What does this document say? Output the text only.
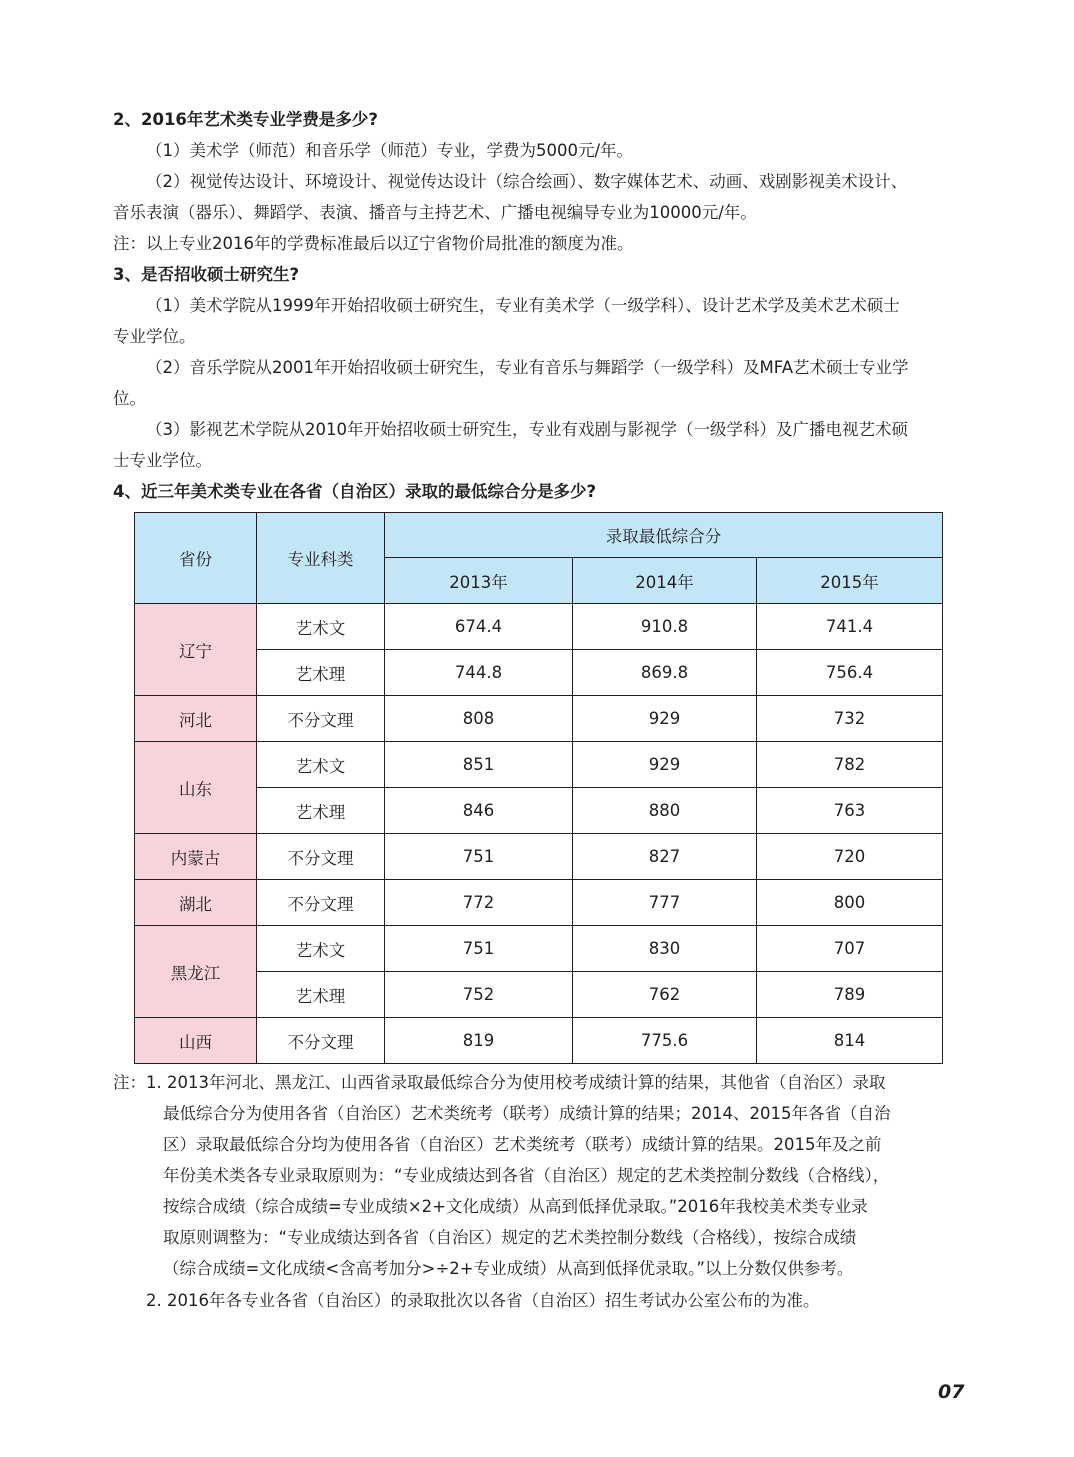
2、2016年艺术类专业学费是多少?
（1）美术学（师范）和音乐学（师范）专业，学费为5000元/年。
（2）视觉传达设计、环境设计、视觉传达设计（综合绘画）、数字媒体艺术、动画、戏剧影视美术设计、
音乐表演（器乐）、舞蹈学、表演、播音与主持艺术、广播电视编导专业为10000元/年。
注：以上专业2016年的学费标准最后以辽宁省物价局批准的额度为准。
3、是否招收硕士研究生?
（1）美术学院从1999年开始招收硕士研究生，专业有美术学（一级学科）、设计艺术学及美术艺术硕士
专业学位。
（2）音乐学院从2001年开始招收硕士研究生，专业有音乐与舞蹈学（一级学科）及MFA艺术硕士专业学
位。
（3）影视艺术学院从2010年开始招收硕士研究生，专业有戏剧与影视学（一级学科）及广播电视艺术硕
士专业学位。
4、近三年美术类专业在各省（自治区）录取的最低综合分是多少?
省份	专业科类	录取最低综合分		
		2013年	2014年	2015年
辽宁	艺术文	674.4	910.8	741.4
	艺术理	744.8	869.8	756.4
河北	不分文理	808	929	732
山东	艺术文	851	929	782
	艺术理	846	880	763
内蒙古	不分文理	751	827	720
湖北	不分文理	772	777	800
黑龙江	艺术文	751	830	707
	艺术理	752	762	789
山西	不分文理	819	775.6	814
注：1. 2013年河北、黑龙江、山西省录取最低综合分为使用校考成绩计算的结果，其他省（自治区）录取
最低综合分为使用各省（自治区）艺术类统考（联考）成绩计算的结果；2014、2015年各省（自治
区）录取最低综合分均为使用各省（自治区）艺术类统考（联考）成绩计算的结果。2015年及之前
年份美术类各专业录取原则为：“专业成绩达到各省（自治区）规定的艺术类控制分数线（合格线），
按综合成绩（综合成绩=专业成绩×2+文化成绩）从高到低择优录取。”2016年我校美术类专业录
取原则调整为：“专业成绩达到各省（自治区）规定的艺术类控制分数线（合格线），按综合成绩
（综合成绩=文化成绩<含高考加分>÷2+专业成绩）从高到低择优录取。”以上分数仅供参考。
2. 2016年各专业各省（自治区）的录取批次以各省（自治区）招生考试办公室公布的为准。
07
